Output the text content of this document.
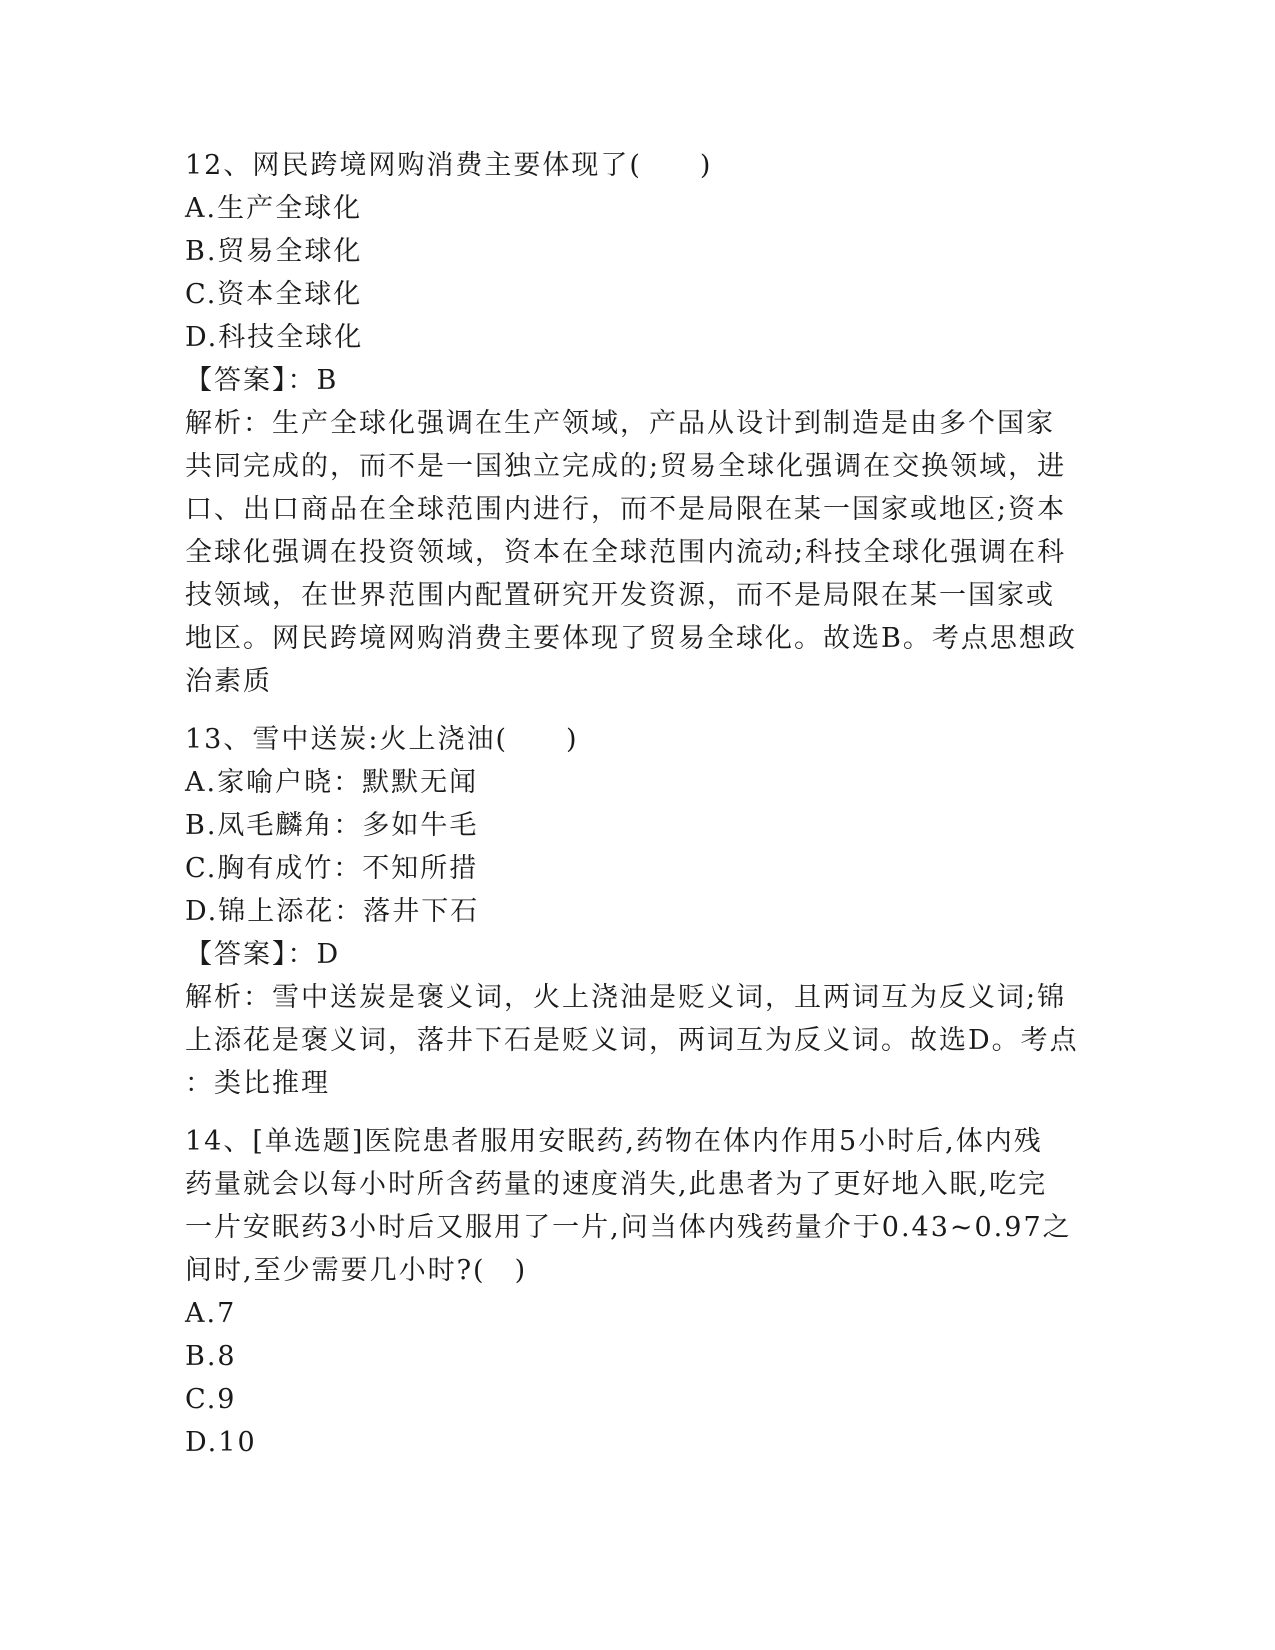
12、网民跨境网购消费主要体现了(　　)
A.生产全球化
B.贸易全球化
C.资本全球化
D.科技全球化
【答案】：B
解析：生产全球化强调在生产领域，产品从设计到制造是由多个国家
共同完成的，而不是一国独立完成的;贸易全球化强调在交换领域，进
口、出口商品在全球范围内进行，而不是局限在某一国家或地区;资本
全球化强调在投资领域，资本在全球范围内流动;科技全球化强调在科
技领域，在世界范围内配置研究开发资源，而不是局限在某一国家或
地区。网民跨境网购消费主要体现了贸易全球化。故选B。考点思想政
治素质
13、雪中送炭:火上浇油(　　)
A.家喻户晓：默默无闻
B.凤毛麟角：多如牛毛
C.胸有成竹：不知所措
D.锦上添花：落井下石
【答案】：D
解析：雪中送炭是褒义词，火上浇油是贬义词，且两词互为反义词;锦
上添花是褒义词，落井下石是贬义词，两词互为反义词。故选D。考点
：类比推理
14、[单选题]医院患者服用安眠药,药物在体内作用5小时后,体内残
药量就会以每小时所含药量的速度消失,此患者为了更好地入眠,吃完
一片安眠药3小时后又服用了一片,问当体内残药量介于0.43~0.97之
间时,至少需要几小时?(　)
A.7
B.8
C.9
D.10
